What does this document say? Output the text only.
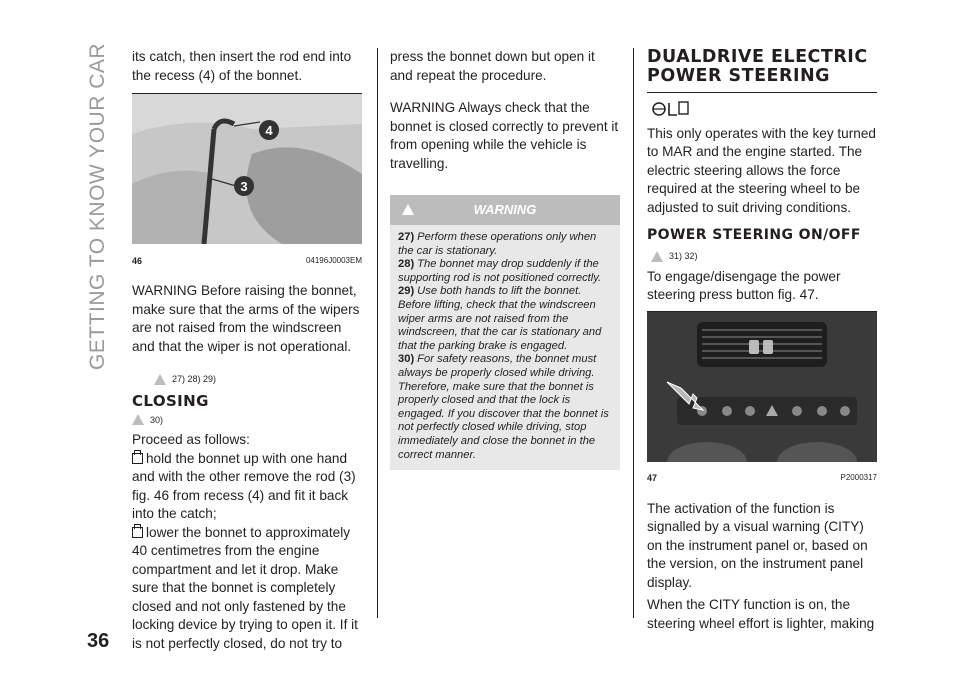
GETTING TO KNOW YOUR CAR
36

its catch, then insert the rod end into the recess (4) of the bonnet.

4
3
46	04196J0003EM

WARNING Before raising the bonnet, make sure that the arms of the wipers are not raised from the windscreen and that the wiper is not operational.

27) 28) 29)

CLOSING

30)

Proceed as follows:

hold the bonnet up with one hand and with the other remove the rod (3) fig. 46 from recess (4) and fit it back into the catch;

lower the bonnet to approximately 40 centimetres from the engine compartment and let it drop. Make sure that the bonnet is completely closed and not only fastened by the locking device by trying to open it. If it is not perfectly closed, do not try to

press the bonnet down but open it and repeat the procedure.

WARNING Always check that the bonnet is closed correctly to prevent it from opening while the vehicle is travelling.

WARNING

27) Perform these operations only when the car is stationary.

28) The bonnet may drop suddenly if the supporting rod is not positioned correctly.

29) Use both hands to lift the bonnet. Before lifting, check that the windscreen wiper arms are not raised from the windscreen, that the car is stationary and that the parking brake is engaged.

30) For safety reasons, the bonnet must always be properly closed while driving. Therefore, make sure that the bonnet is properly closed and that the lock is engaged. If you discover that the bonnet is not perfectly closed while driving, stop immediately and close the bonnet in the correct manner.

DUALDRIVE ELECTRIC POWER STEERING

This only operates with the key turned to MAR and the engine started. The electric steering allows the force required at the steering wheel to be adjusted to suit driving conditions.

POWER STEERING ON/OFF

31) 32)

To engage/disengage the power steering press button fig. 47.

47	P2000317

The activation of the function is signalled by a visual warning (CITY) on the instrument panel or, based on the version, on the instrument panel display.

When the CITY function is on, the steering wheel effort is lighter, making
